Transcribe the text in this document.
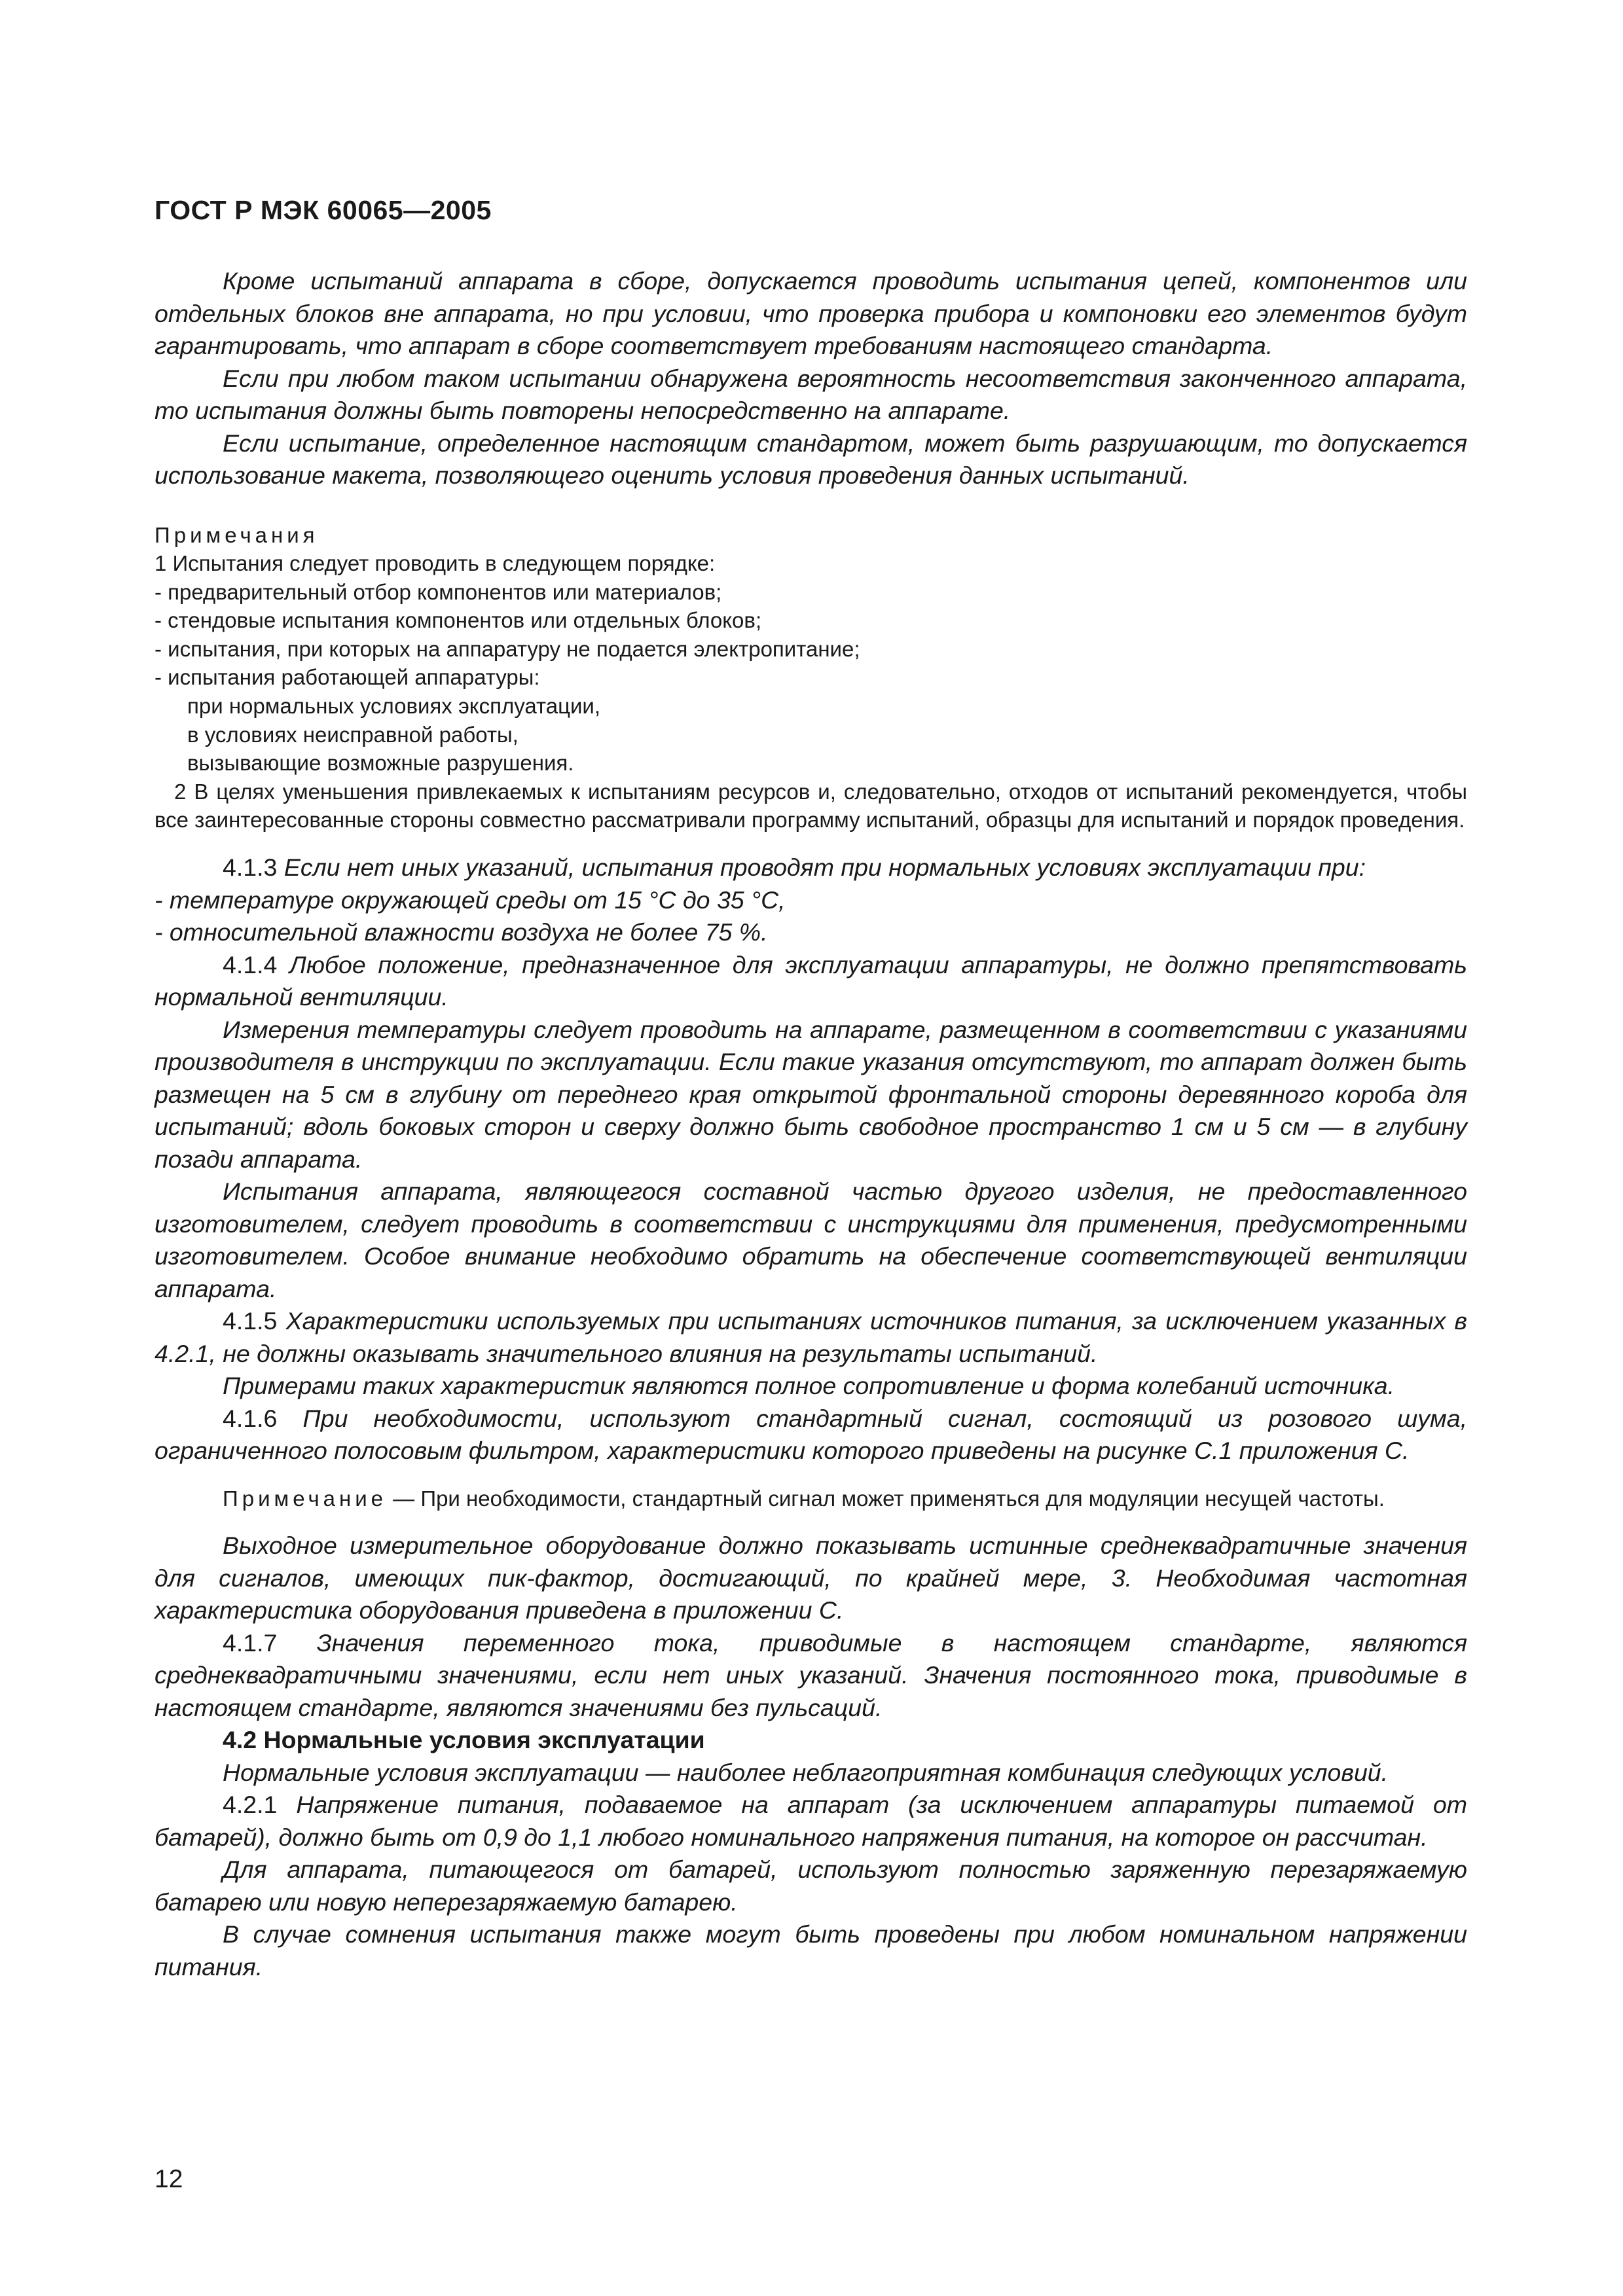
ГОСТ Р МЭК 60065—2005

Кроме испытаний аппарата в сборе, допускается проводить испытания цепей, компонентов или отдельных блоков вне аппарата, но при условии, что проверка прибора и компоновки его элементов будут гарантировать, что аппарат в сборе соответствует требованиям настоящего стандарта.

Если при любом таком испытании обнаружена вероятность несоответствия законченного аппарата, то испытания должны быть повторены непосредственно на аппарате.

Если испытание, определенное настоящим стандартом, может быть разрушающим, то допускается использование макета, позволяющего оценить условия проведения данных испытаний.

Примечания
1 Испытания следует проводить в следующем порядке:
- предварительный отбор компонентов или материалов;
- стендовые испытания компонентов или отдельных блоков;
- испытания, при которых на аппаратуру не подается электропитание;
- испытания работающей аппаратуры:
при нормальных условиях эксплуатации,
в условиях неисправной работы,
вызывающие возможные разрушения.
2 В целях уменьшения привлекаемых к испытаниям ресурсов и, следовательно, отходов от испытаний рекомендуется, чтобы все заинтересованные стороны совместно рассматривали программу испытаний, образцы для испытаний и порядок проведения.

4.1.3 Если нет иных указаний, испытания проводят при нормальных условиях эксплуатации при:

- температуре окружающей среды от 15 °С до 35 °С,

- относительной влажности воздуха не более 75 %.

4.1.4 Любое положение, предназначенное для эксплуатации аппаратуры, не должно препятствовать нормальной вентиляции.

Измерения температуры следует проводить на аппарате, размещенном в соответствии с указаниями производителя в инструкции по эксплуатации. Если такие указания отсутствуют, то аппарат должен быть размещен на 5 см в глубину от переднего края открытой фронтальной стороны деревянного короба для испытаний; вдоль боковых сторон и сверху должно быть свободное пространство 1 см и 5 см — в глубину позади аппарата.

Испытания аппарата, являющегося составной частью другого изделия, не предоставленного изготовителем, следует проводить в соответствии с инструкциями для применения, предусмотренными изготовителем. Особое внимание необходимо обратить на обеспечение соответствующей вентиляции аппарата.

4.1.5 Характеристики используемых при испытаниях источников питания, за исключением указанных в 4.2.1, не должны оказывать значительного влияния на результаты испытаний.

Примерами таких характеристик являются полное сопротивление и форма колебаний источника.

4.1.6 При необходимости, используют стандартный сигнал, состоящий из розового шума, ограниченного полосовым фильтром, характеристики которого приведены на рисунке С.1 приложения С.

Примечание — При необходимости, стандартный сигнал может применяться для модуляции несущей частоты.

Выходное измерительное оборудование должно показывать истинные среднеквадратичные значения для сигналов, имеющих пик-фактор, достигающий, по крайней мере, 3. Необходимая частотная характеристика оборудования приведена в приложении С.

4.1.7 Значения переменного тока, приводимые в настоящем стандарте, являются среднеквадратичными значениями, если нет иных указаний. Значения постоянного тока, приводимые в настоящем стандарте, являются значениями без пульсаций.

4.2 Нормальные условия эксплуатации

Нормальные условия эксплуатации — наиболее неблагоприятная комбинация следующих условий.

4.2.1 Напряжение питания, подаваемое на аппарат (за исключением аппаратуры питаемой от батарей), должно быть от 0,9 до 1,1 любого номинального напряжения питания, на которое он рассчитан.

Для аппарата, питающегося от батарей, используют полностью заряженную перезаряжаемую батарею или новую неперезаряжаемую батарею.

В случае сомнения испытания также могут быть проведены при любом номинальном напряжении питания.

12
